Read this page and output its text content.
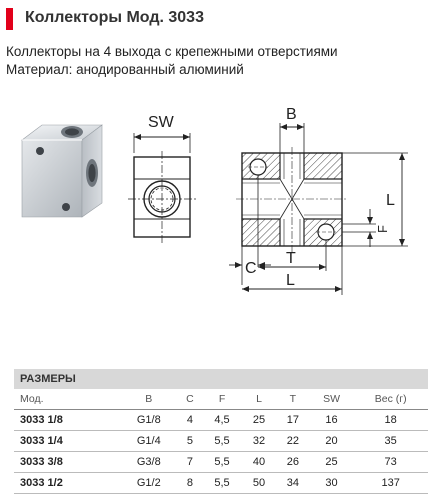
Коллекторы Мод. 3033
Коллекторы на 4 выхода с крепежными отверстиями
Материал: анодированный алюминий
SW	B
L
F
C
T
L
РАЗМЕРЫ
Мод.	B	C	F	L	T	SW	Вес (г)
3033 1/8	G1/8	4	4,5	25	17	16	18
3033 1/4	G1/4	5	5,5	32	22	20	35
3033 3/8	G3/8	7	5,5	40	26	25	73
3033 1/2	G1/2	8	5,5	50	34	30	137
